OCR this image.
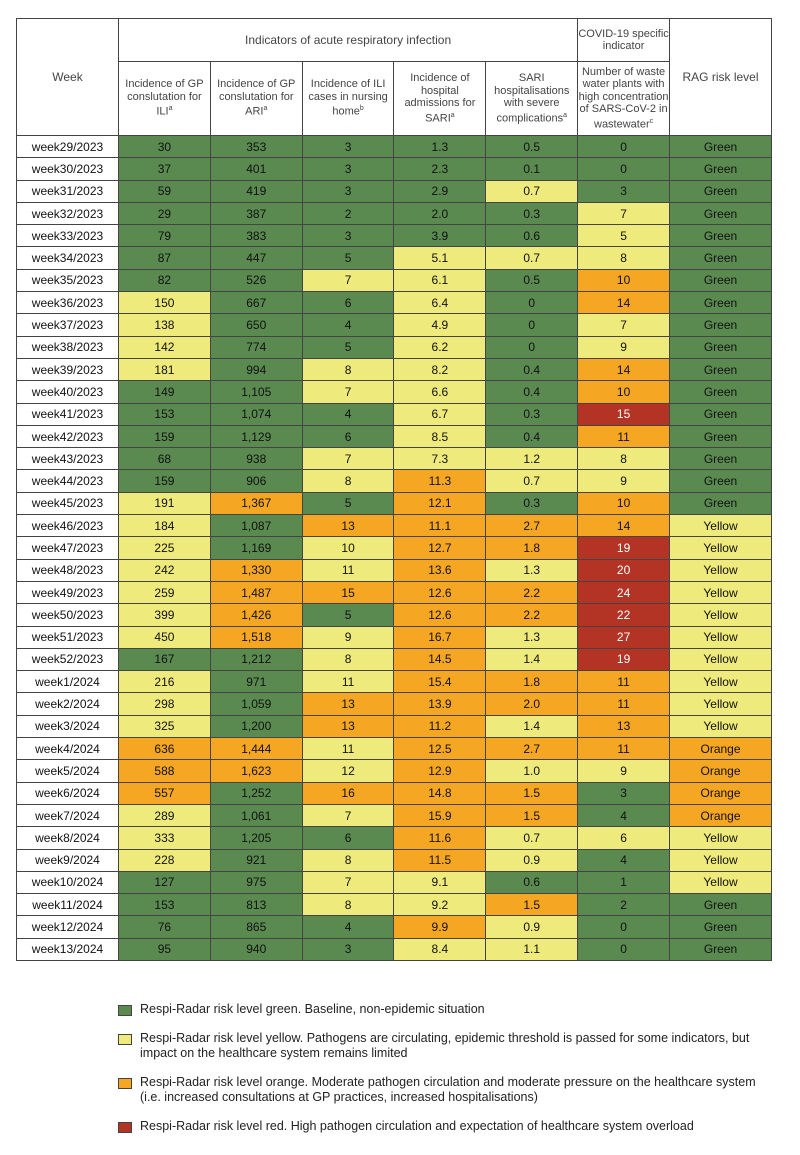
Week	Indicators of acute respiratory infection					COVID-19 specific indicator	RAG risk level
	Incidence of GP conslutation for ILI$^a$	Incidence of GP conslutation for ARI$^a$	Incidence of ILI cases in nursing home$^b$	Incidence of hospital admissions for SARI$^a$	SARI hospitalisations with severe complications$^a$	Number of waste water plants with high concentration of SARS-CoV-2 in wastewater$^c$
week29/2023	30	353	3	1.3	0.5	0	Green
week30/2023	37	401	3	2.3	0.1	0	Green
week31/2023	59	419	3	2.9	0.7	3	Green
week32/2023	29	387	2	2.0	0.3	7	Green
week33/2023	79	383	3	3.9	0.6	5	Green
week34/2023	87	447	5	5.1	0.7	8	Green
week35/2023	82	526	7	6.1	0.5	10	Green
week36/2023	150	667	6	6.4	0	14	Green
week37/2023	138	650	4	4.9	0	7	Green
week38/2023	142	774	5	6.2	0	9	Green
week39/2023	181	994	8	8.2	0.4	14	Green
week40/2023	149	1,105	7	6.6	0.4	10	Green
week41/2023	153	1,074	4	6.7	0.3	15	Green
week42/2023	159	1,129	6	8.5	0.4	11	Green
week43/2023	68	938	7	7.3	1.2	8	Green
week44/2023	159	906	8	11.3	0.7	9	Green
week45/2023	191	1,367	5	12.1	0.3	10	Green
week46/2023	184	1,087	13	11.1	2.7	14	Yellow
week47/2023	225	1,169	10	12.7	1.8	19	Yellow
week48/2023	242	1,330	11	13.6	1.3	20	Yellow
week49/2023	259	1,487	15	12.6	2.2	24	Yellow
week50/2023	399	1,426	5	12.6	2.2	22	Yellow
week51/2023	450	1,518	9	16.7	1.3	27	Yellow
week52/2023	167	1,212	8	14.5	1.4	19	Yellow
week1/2024	216	971	11	15.4	1.8	11	Yellow
week2/2024	298	1,059	13	13.9	2.0	11	Yellow
week3/2024	325	1,200	13	11.2	1.4	13	Yellow
week4/2024	636	1,444	11	12.5	2.7	11	Orange
week5/2024	588	1,623	12	12.9	1.0	9	Orange
week6/2024	557	1,252	16	14.8	1.5	3	Orange
week7/2024	289	1,061	7	15.9	1.5	4	Orange
week8/2024	333	1,205	6	11.6	0.7	6	Yellow
week9/2024	228	921	8	11.5	0.9	4	Yellow
week10/2024	127	975	7	9.1	0.6	1	Yellow
week11/2024	153	813	8	9.2	1.5	2	Green
week12/2024	76	865	4	9.9	0.9	0	Green
week13/2024	95	940	3	8.4	1.1	0	Green
Respi-Radar risk level green. Baseline, non-epidemic situation
Respi-Radar risk level yellow. Pathogens are circulating, epidemic threshold is passed for some indicators, but impact on the healthcare system remains limited
Respi-Radar risk level orange. Moderate pathogen circulation and moderate pressure on the healthcare system (i.e. increased consultations at GP practices, increased hospitalisations)
Respi-Radar risk level red. High pathogen circulation and expectation of healthcare system overload
